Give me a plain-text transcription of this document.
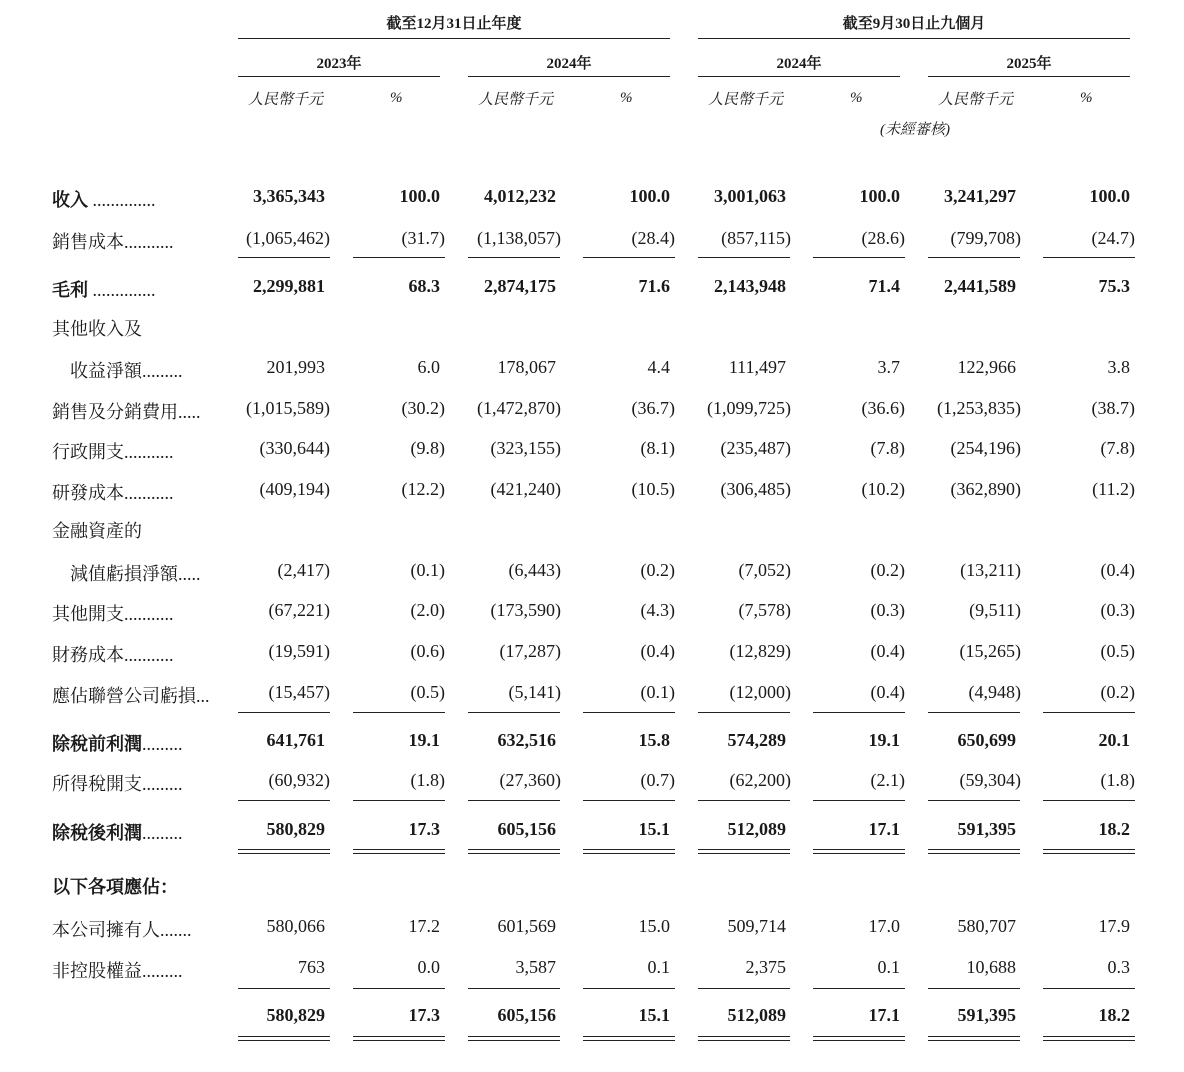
截至12月31日止年度	截至9月30日止九個月
2023年	2024年	2024年	2025年
人民幣千元	%	人民幣千元	%	人民幣千元	%	人民幣千元	%
(未經審核)
收入 ..............	3,365,343	100.0 4,012,232	100.0 3,001,063	100.0 3,241,297	100.0
銷售成本...........	(1,065,462)	(31.7) (1,138,057)	(28.4)	(857,115)	(28.6)	(799,708)	(24.7)
毛利 ..............	2,299,881	68.3 2,874,175	71.6 2,143,948	71.4 2,441,589	75.3
其他收入及
　收益淨額.........	201,993	6.0	178,067	4.4	111,497	3.7	122,966	3.8
銷售及分銷費用.....	(1,015,589)	(30.2) (1,472,870)	(36.7) (1,099,725)	(36.6) (1,253,835)	(38.7)
行政開支...........	(330,644)	(9.8)	(323,155)	(8.1)	(235,487)	(7.8)	(254,196)	(7.8)
研發成本...........	(409,194)	(12.2)	(421,240)	(10.5)	(306,485)	(10.2)	(362,890)	(11.2)
金融資產的
　減值虧損淨額.....	(2,417)	(0.1)	(6,443)	(0.2)	(7,052)	(0.2)	(13,211)	(0.4)
其他開支...........	(67,221)	(2.0)	(173,590)	(4.3)	(7,578)	(0.3)	(9,511)	(0.3)
財務成本...........	(19,591)	(0.6)	(17,287)	(0.4)	(12,829)	(0.4)	(15,265)	(0.5)
應佔聯營公司虧損...	(15,457)	(0.5)	(5,141)	(0.1)	(12,000)	(0.4)	(4,948)	(0.2)
除稅前利潤.........	641,761	19.1	632,516	15.8	574,289	19.1	650,699	20.1
所得稅開支.........	(60,932)	(1.8)	(27,360)	(0.7)	(62,200)	(2.1)	(59,304)	(1.8)
除稅後利潤.........	580,829	17.3	605,156	15.1	512,089	17.1	591,395	18.2
以下各項應佔：
本公司擁有人.......	580,066	17.2	601,569	15.0	509,714	17.0	580,707	17.9
非控股權益.........	763	0.0	3,587	0.1	2,375	0.1	10,688	0.3
580,829	17.3	605,156	15.1	512,089	17.1	591,395	18.2
